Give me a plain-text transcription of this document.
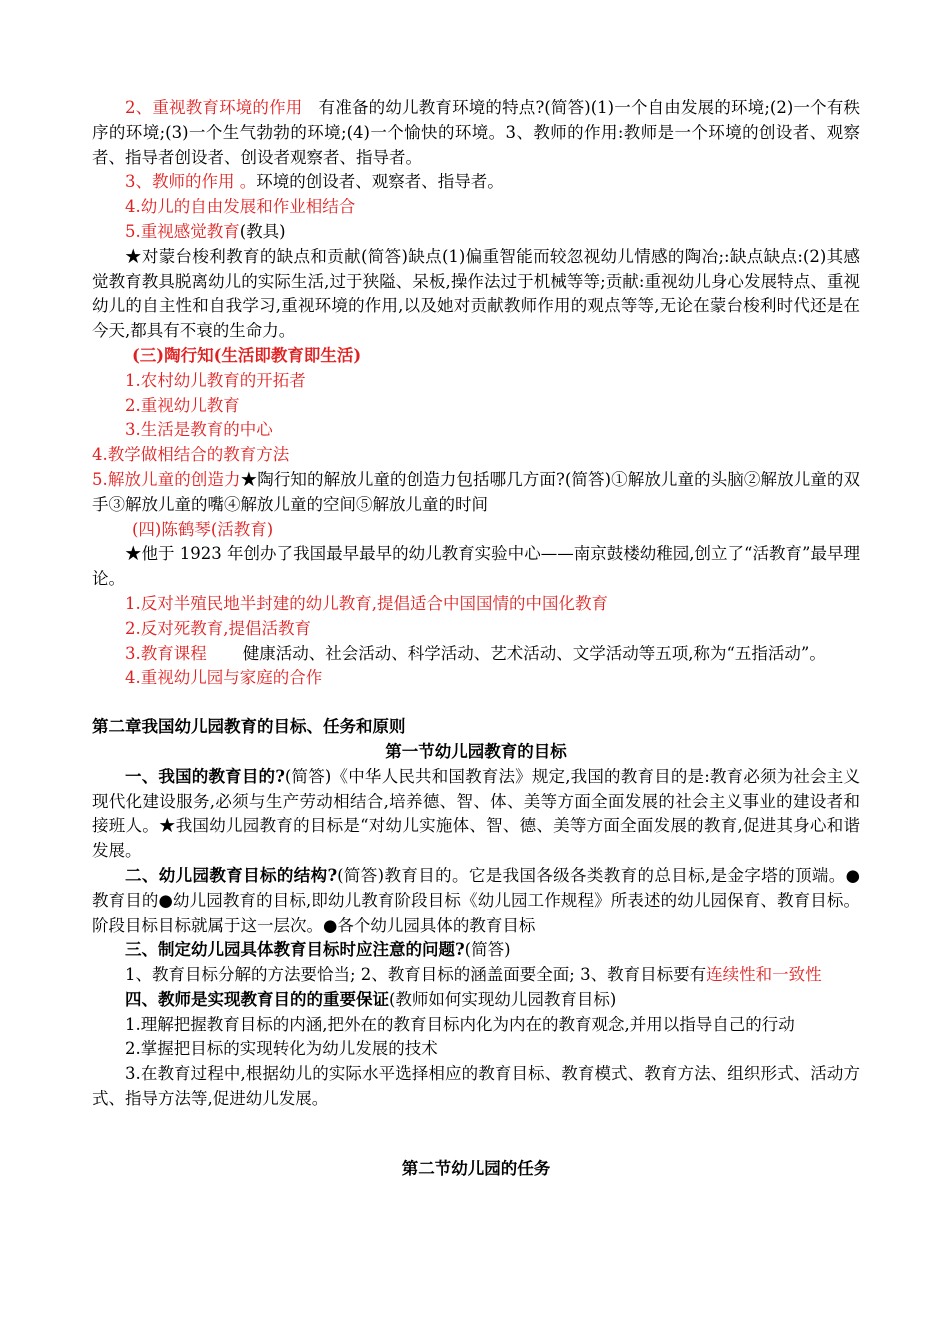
2、重视教育环境的作用 有准备的幼儿教育环境的特点?(简答)(1)一个自由发展的环境;(2)一个有秩序的环境;(3)一个生气勃勃的环境;(4)一个愉快的环境。3、教师的作用:教师是一个环境的创设者、观察者、指导者创设者、创设者观察者、指导者。

3、教师的作用 。环境的创设者、观察者、指导者。

4.幼儿的自由发展和作业相结合

5.重视感觉教育(教具)

★对蒙台梭利教育的缺点和贡献(简答)缺点(1)偏重智能而较忽视幼儿情感的陶冶;:缺点缺点:(2)其感觉教育教具脱离幼儿的实际生活,过于狭隘、呆板,操作法过于机械等等;贡献:重视幼儿身心发展特点、重视幼儿的自主性和自我学习,重视环境的作用,以及她对贡献教师作用的观点等等,无论在蒙台梭利时代还是在今天,都具有不衰的生命力。

(三)陶行知(生活即教育即生活)

1.农村幼儿教育的开拓者

2.重视幼儿教育

3.生活是教育的中心

4.教学做相结合的教育方法

5.解放儿童的创造力★陶行知的解放儿童的创造力包括哪几方面?(简答)①解放儿童的头脑②解放儿童的双手③解放儿童的嘴④解放儿童的空间⑤解放儿童的时间

(四)陈鹤琴(活教育)

★他于 1923 年创办了我国最早最早的幼儿教育实验中心——南京鼓楼幼稚园,创立了“活教育”最早理论。

1.反对半殖民地半封建的幼儿教育,提倡适合中国国情的中国化教育

2.反对死教育,提倡活教育

3.教育课程 健康活动、社会活动、科学活动、艺术活动、文学活动等五项,称为“五指活动”。

4.重视幼儿园与家庭的合作

第二章我国幼儿园教育的目标、任务和原则

第一节幼儿园教育的目标

一、我国的教育目的?(简答)《中华人民共和国教育法》规定,我国的教育目的是:教育必须为社会主义现代化建设服务,必须与生产劳动相结合,培养德、智、体、美等方面全面发展的社会主义事业的建设者和接班人。★我国幼儿园教育的目标是“对幼儿实施体、智、德、美等方面全面发展的教育,促进其身心和谐发展。

二、幼儿园教育目标的结构?(简答)教育目的。它是我国各级各类教育的总目标,是金字塔的顶端。●教育目的●幼儿园教育的目标,即幼儿教育阶段目标《幼儿园工作规程》所表述的幼儿园保育、教育目标。阶段目标目标就属于这一层次。●各个幼儿园具体的教育目标

三、制定幼儿园具体教育目标时应注意的问题?(简答)

1、教育目标分解的方法要恰当; 2、教育目标的涵盖面要全面; 3、教育目标要有连续性和一致性

四、教师是实现教育目的的重要保证(教师如何实现幼儿园教育目标)

1.理解把握教育目标的内涵,把外在的教育目标内化为内在的教育观念,并用以指导自己的行动

2.掌握把目标的实现转化为幼儿发展的技术

3.在教育过程中,根据幼儿的实际水平选择相应的教育目标、教育模式、教育方法、组织形式、活动方式、指导方法等,促进幼儿发展。

第二节幼儿园的任务
